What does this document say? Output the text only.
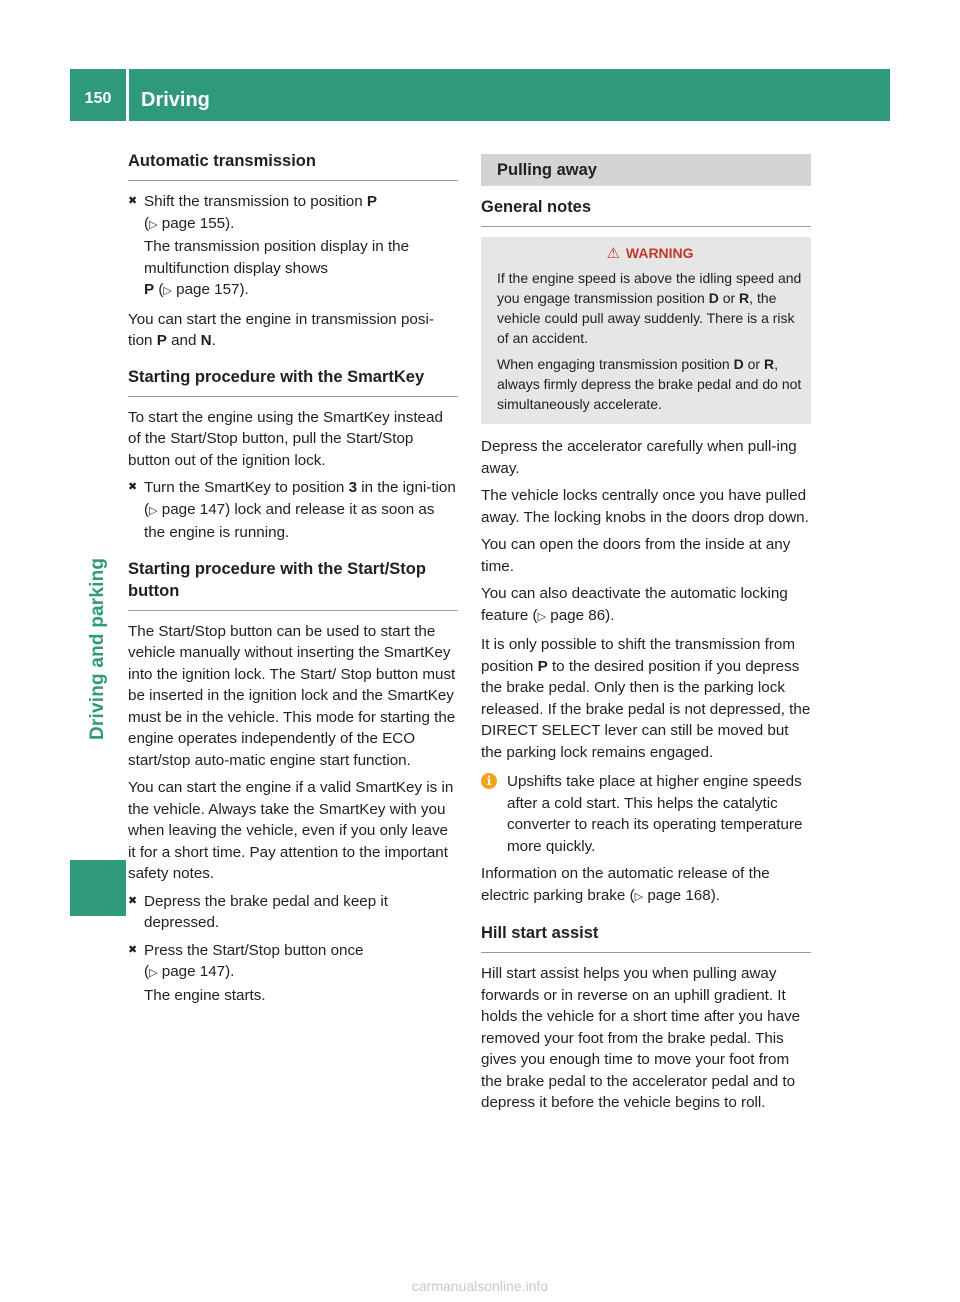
150	Driving
Driving and parking
Automatic transmission
✖ Shift the transmission to position P
(▷ page 155).
The transmission position display in the multifunction display shows
P (▷ page 157).

You can start the engine in transmission posi-tion P and N.

Starting procedure with the SmartKey

To start the engine using the SmartKey instead of the Start/Stop button, pull the Start/Stop button out of the ignition lock.

✖ Turn the SmartKey to position 3 in the igni-tion (▷ page 147) lock and release it as soon as the engine is running.
Starting procedure with the Start/Stop button

The Start/Stop button can be used to start the vehicle manually without inserting the SmartKey into the ignition lock. The Start/ Stop button must be inserted in the ignition lock and the SmartKey must be in the vehicle. This mode for starting the engine operates independently of the ECO start/stop auto-matic engine start function.

You can start the engine if a valid SmartKey is in the vehicle. Always take the SmartKey with you when leaving the vehicle, even if you only leave it for a short time. Pay attention to the important safety notes.

✖ Depress the brake pedal and keep it depressed.
✖ Press the Start/Stop button once
(▷ page 147).
The engine starts.
Pulling away
General notes
⚠ WARNING
If the engine speed is above the idling speed and you engage transmission position D or R, the vehicle could pull away suddenly. There is a risk of an accident.
When engaging transmission position D or R, always firmly depress the brake pedal and do not simultaneously accelerate.

Depress the accelerator carefully when pull-ing away.

The vehicle locks centrally once you have pulled away. The locking knobs in the doors drop down.

You can open the doors from the inside at any time.

You can also deactivate the automatic locking feature (▷ page 86).

It is only possible to shift the transmission from position P to the desired position if you depress the brake pedal. Only then is the parking lock released. If the brake pedal is not depressed, the DIRECT SELECT lever can still be moved but the parking lock remains engaged.

i	Upshifts take place at higher engine speeds after a cold start. This helps the catalytic converter to reach its operating temperature more quickly.

Information on the automatic release of the electric parking brake (▷ page 168).

Hill start assist

Hill start assist helps you when pulling away forwards or in reverse on an uphill gradient. It holds the vehicle for a short time after you have removed your foot from the brake pedal. This gives you enough time to move your foot from the brake pedal to the accelerator pedal and to depress it before the vehicle begins to roll.

carmanualsonline.info
